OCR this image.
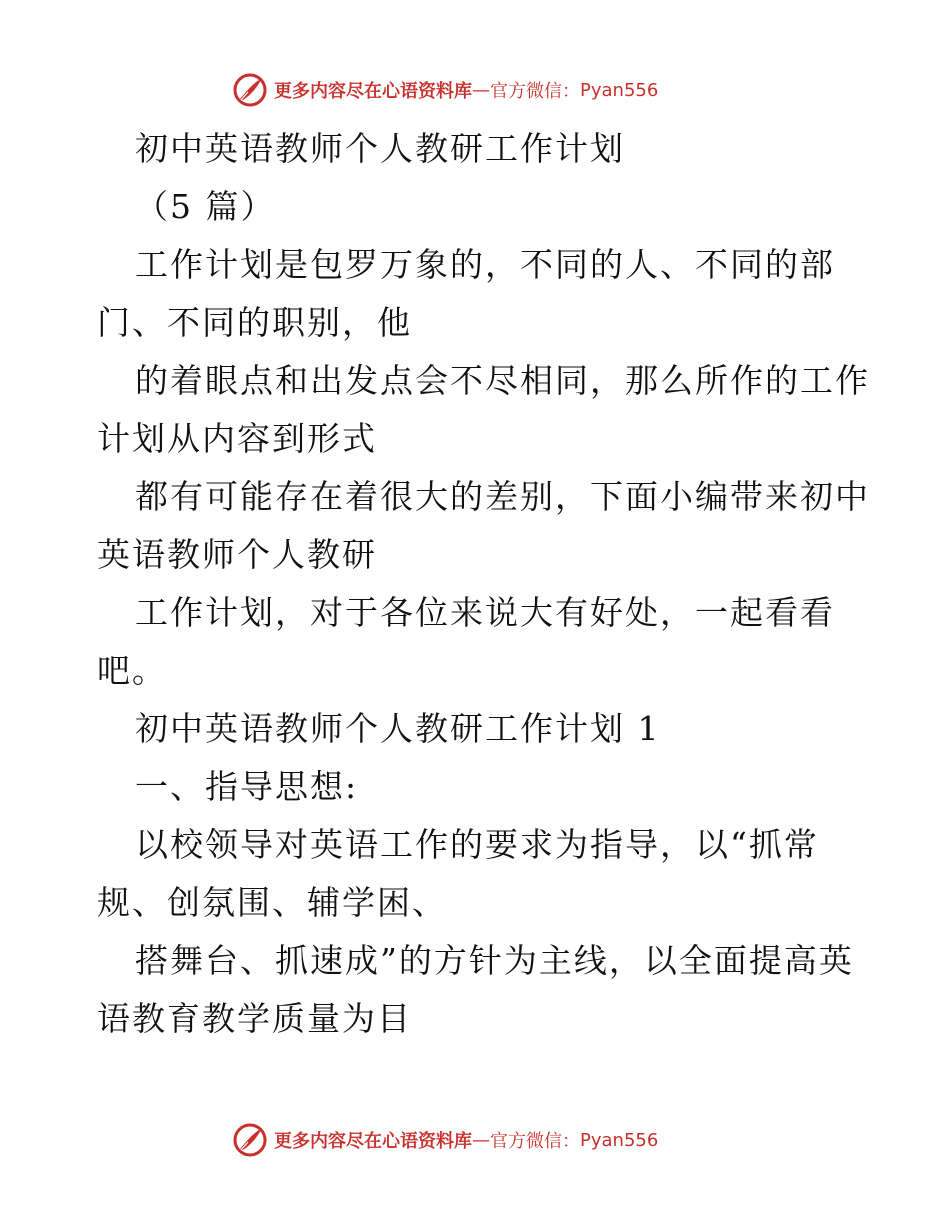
更多内容尽在心语资料库 — 官方微信： Pyan556
初中英语教师个人教研工作计划
（5 篇）
工作计划是包罗万象的，不同的人、不同的部
门、不同的职别，他
的着眼点和出发点会不尽相同，那么所作的工作
计划从内容到形式
都有可能存在着很大的差别，下面小编带来初中
英语教师个人教研
工作计划，对于各位来说大有好处，一起看看
吧。
初中英语教师个人教研工作计划 1
一、指导思想:
以校领导对英语工作的要求为指导，以“抓常
规、创氛围、辅学困、
搭舞台、抓速成”的方针为主线，以全面提高英
语教育教学质量为目
更多内容尽在心语资料库 — 官方微信： Pyan556
